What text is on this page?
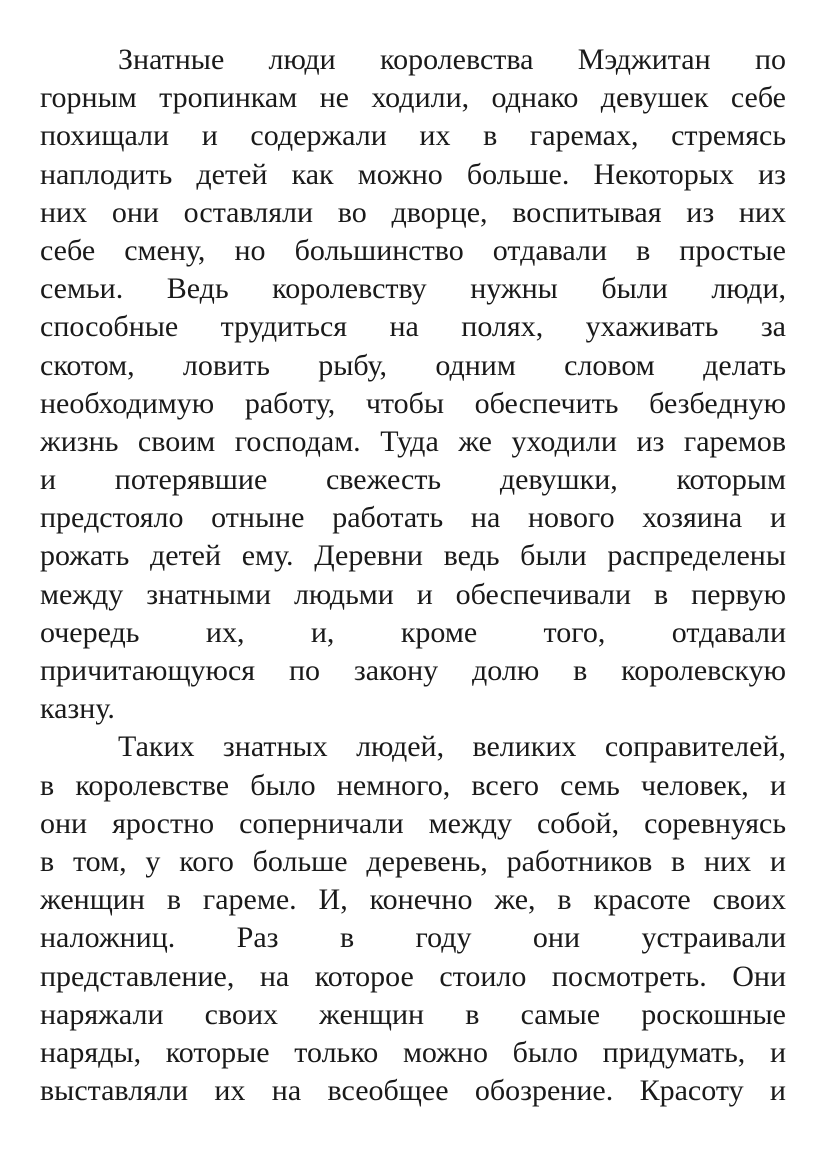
Знатные люди королевства Мэджитан по
горным тропинкам не ходили, однако девушек себе
похищали и содержали их в гаремах, стремясь
наплодить детей как можно больше. Некоторых из
них они оставляли во дворце, воспитывая из них
себе смену, но большинство отдавали в простые
семьи. Ведь королевству нужны были люди,
способные трудиться на полях, ухаживать за
скотом, ловить рыбу, одним словом делать
необходимую работу, чтобы обеспечить безбедную
жизнь своим господам. Туда же уходили из гаремов
и потерявшие свежесть девушки, которым
предстояло отныне работать на нового хозяина и
рожать детей ему. Деревни ведь были распределены
между знатными людьми и обеспечивали в первую
очередь их, и, кроме того, отдавали
причитающуюся по закону долю в королевскую
казну.
Таких знатных людей, великих соправителей,
в королевстве было немного, всего семь человек, и
они яростно соперничали между собой, соревнуясь
в том, у кого больше деревень, работников в них и
женщин в гареме. И, конечно же, в красоте своих
наложниц. Раз в году они устраивали
представление, на которое стоило посмотреть. Они
наряжали своих женщин в самые роскошные
наряды, которые только можно было придумать, и
выставляли их на всеобщее обозрение. Красоту и
